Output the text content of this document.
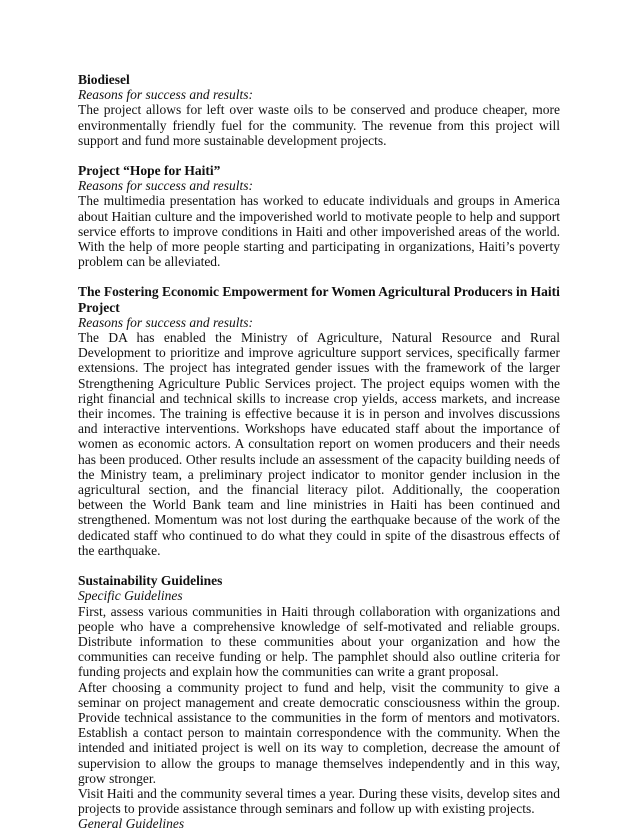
Biodiesel

Reasons for success and results:

The project allows for left over waste oils to be conserved and produce cheaper, more environmentally friendly fuel for the community. The revenue from this project will support and fund more sustainable development projects.

Project “Hope for Haiti”

Reasons for success and results:

The multimedia presentation has worked to educate individuals and groups in America about Haitian culture and the impoverished world to motivate people to help and support service efforts to improve conditions in Haiti and other impoverished areas of the world. With the help of more people starting and participating in organizations, Haiti’s poverty problem can be alleviated.

The Fostering Economic Empowerment for Women Agricultural Producers in Haiti Project

Reasons for success and results:

The DA has enabled the Ministry of Agriculture, Natural Resource and Rural Development to prioritize and improve agriculture support services, specifically farmer extensions. The project has integrated gender issues with the framework of the larger Strengthening Agriculture Public Services project. The project equips women with the right financial and technical skills to increase crop yields, access markets, and increase their incomes. The training is effective because it is in person and involves discussions and interactive interventions. Workshops have educated staff about the importance of women as economic actors. A consultation report on women producers and their needs has been produced. Other results include an assessment of the capacity building needs of the Ministry team, a preliminary project indicator to monitor gender inclusion in the agricultural section, and the financial literacy pilot. Additionally, the cooperation between the World Bank team and line ministries in Haiti has been continued and strengthened. Momentum was not lost during the earthquake because of the work of the dedicated staff who continued to do what they could in spite of the disastrous effects of the earthquake.

Sustainability Guidelines

Specific Guidelines

First, assess various communities in Haiti through collaboration with organizations and people who have a comprehensive knowledge of self-motivated and reliable groups. Distribute information to these communities about your organization and how the communities can receive funding or help. The pamphlet should also outline criteria for funding projects and explain how the communities can write a grant proposal.

After choosing a community project to fund and help, visit the community to give a seminar on project management and create democratic consciousness within the group. Provide technical assistance to the communities in the form of mentors and motivators. Establish a contact person to maintain correspondence with the community. When the intended and initiated project is well on its way to completion, decrease the amount of supervision to allow the groups to manage themselves independently and in this way, grow stronger.

Visit Haiti and the community several times a year. During these visits, develop sites and projects to provide assistance through seminars and follow up with existing projects.

General Guidelines
